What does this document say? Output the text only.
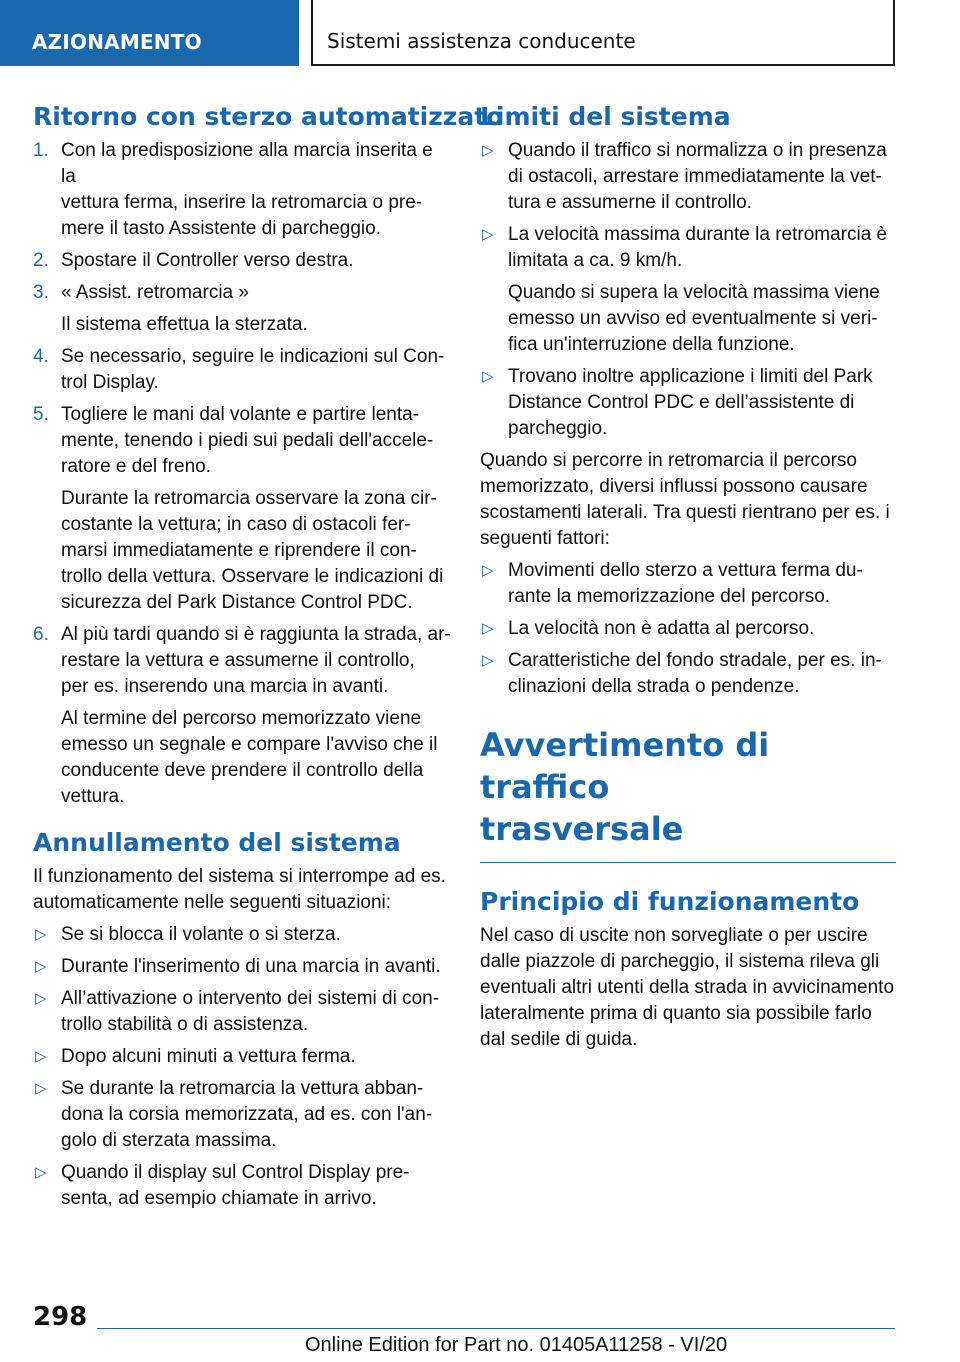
AZIONAMENTO	Sistemi assistenza conducente
Ritorno con sterzo automatizzato
1. Con la predisposizione alla marcia inserita e la
vettura ferma, inserire la retromarcia o pre‐
mere il tasto Assistente di parcheggio.
2. Spostare il Controller verso destra.
3. « Assist. retromarcia »
Il sistema effettua la sterzata.
4. Se necessario, seguire le indicazioni sul Con‐
trol Display.
5. Togliere le mani dal volante e partire lenta‐
mente, tenendo i piedi sui pedali dell'accele‐
ratore e del freno.
Durante la retromarcia osservare la zona cir‐
costante la vettura; in caso di ostacoli fer‐
marsi immediatamente e riprendere il con‐
trollo della vettura. Osservare le indicazioni di
sicurezza del Park Distance Control PDC.
6. Al più tardi quando si è raggiunta la strada, ar‐
restare la vettura e assumerne il controllo,
per es. inserendo una marcia in avanti.
Al termine del percorso memorizzato viene
emesso un segnale e compare l'avviso che il
conducente deve prendere il controllo della
vettura.
Annullamento del sistema

Il funzionamento del sistema si interrompe ad es.
automaticamente nelle seguenti situazioni:

▷ Se si blocca il volante o si sterza.
▷ Durante l'inserimento di una marcia in avanti.
▷ All’attivazione o intervento dei sistemi di con‐
trollo stabilità o di assistenza.
▷ Dopo alcuni minuti a vettura ferma.
▷ Se durante la retromarcia la vettura abban‐
dona la corsia memorizzata, ad es. con l'an‐
golo di sterzata massima.
▷ Quando il display sul Control Display pre‐
senta, ad esempio chiamate in arrivo.
Limiti del sistema
▷ Quando il traffico si normalizza o in presenza
di ostacoli, arrestare immediatamente la vet‐
tura e assumerne il controllo.
▷ La velocità massima durante la retromarcia è
limitata a ca. 9 km/h.
Quando si supera la velocità massima viene
emesso un avviso ed eventualmente si veri‐
fica un'interruzione della funzione.
▷ Trovano inoltre applicazione i limiti del Park
Distance Control PDC e dell’assistente di
parcheggio.

Quando si percorre in retromarcia il percorso
memorizzato, diversi influssi possono causare
scostamenti laterali. Tra questi rientrano per es. i
seguenti fattori:

▷ Movimenti dello sterzo a vettura ferma du‐
rante la memorizzazione del percorso.
▷ La velocità non è adatta al percorso.
▷ Caratteristiche del fondo stradale, per es. in‐
clinazioni della strada o pendenze.
Avvertimento di traffico
trasversale
Principio di funzionamento

Nel caso di uscite non sorvegliate o per uscire
dalle piazzole di parcheggio, il sistema rileva gli
eventuali altri utenti della strada in avvicinamento
lateralmente prima di quanto sia possibile farlo
dal sedile di guida.

298
Online Edition for Part no. 01405A11258 - VI/20
